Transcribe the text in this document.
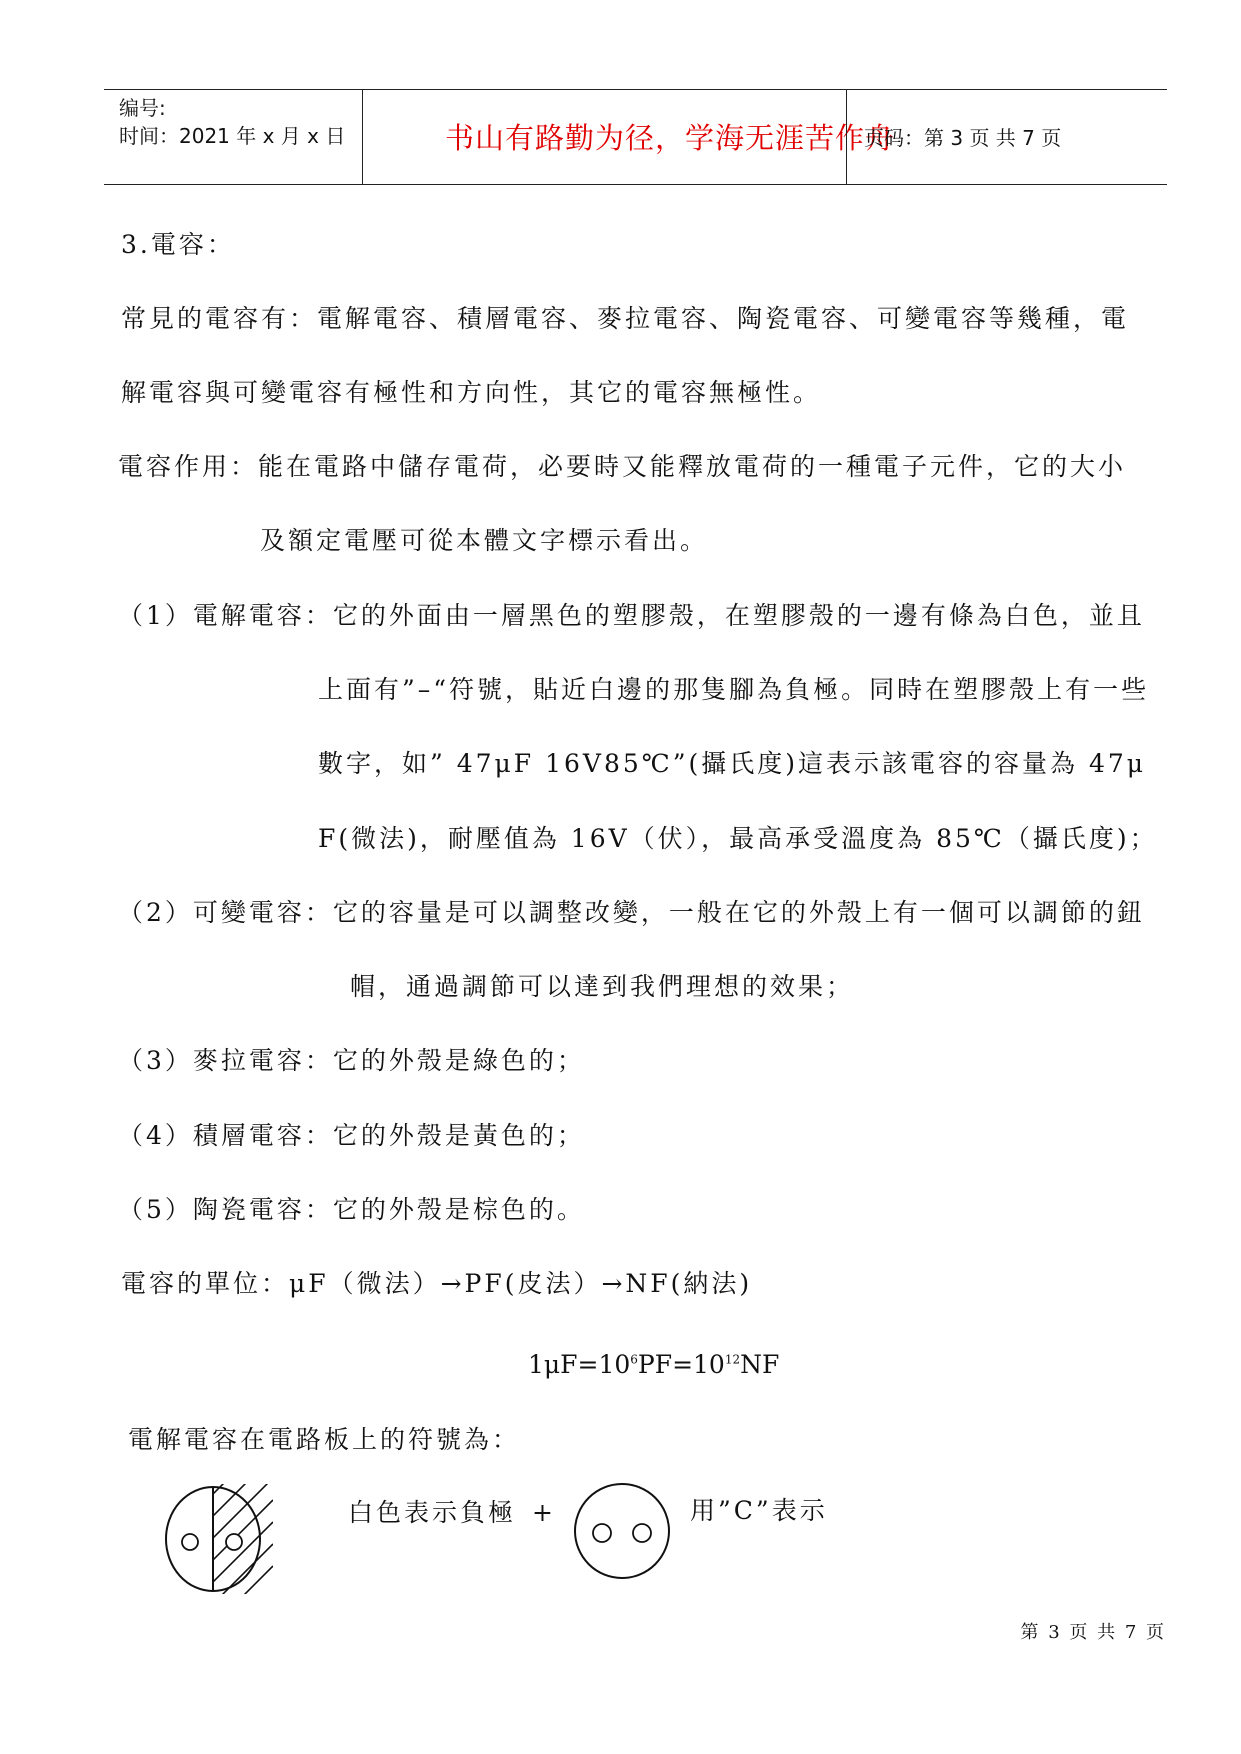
编号:
时间：2021 年 x 月 x 日	书山有路勤为径，学海无涯苦作舟
页码：第 3 页 共 7 页
3.電容：
常見的電容有：電解電容、積層電容、麥拉電容、陶瓷電容、可變電容等幾種，電
解電容與可變電容有極性和方向性，其它的電容無極性。
電容作用：能在電路中儲存電荷，必要時又能釋放電荷的一種電子元件，它的大小
及額定電壓可從本體文字標示看出。
（1）電解電容：它的外面由一層黑色的塑膠殼，在塑膠殼的一邊有條為白色，並且
上面有”–“符號，貼近白邊的那隻腳為負極。同時在塑膠殼上有一些
數字，如” 47μF 16V85℃”(攝氏度)這表示該電容的容量為 47μ
F(微法)，耐壓值為 16V（伏），最高承受溫度為 85℃（攝氏度)；
（2）可變電容：它的容量是可以調整改變，一般在它的外殼上有一個可以調節的鈕
帽，通過調節可以達到我們理想的效果；
（3）麥拉電容：它的外殼是綠色的；
（4）積層電容：它的外殼是黃色的；
（5）陶瓷電容：它的外殼是棕色的。
電容的單位：μF（微法）→PF(皮法）→NF(納法)
$1\mu F=10^6PF=10^{12}NF$
電解電容在電路板上的符號為：
白色表示負極 +	用”C”表示
第 3 页 共 7 页
